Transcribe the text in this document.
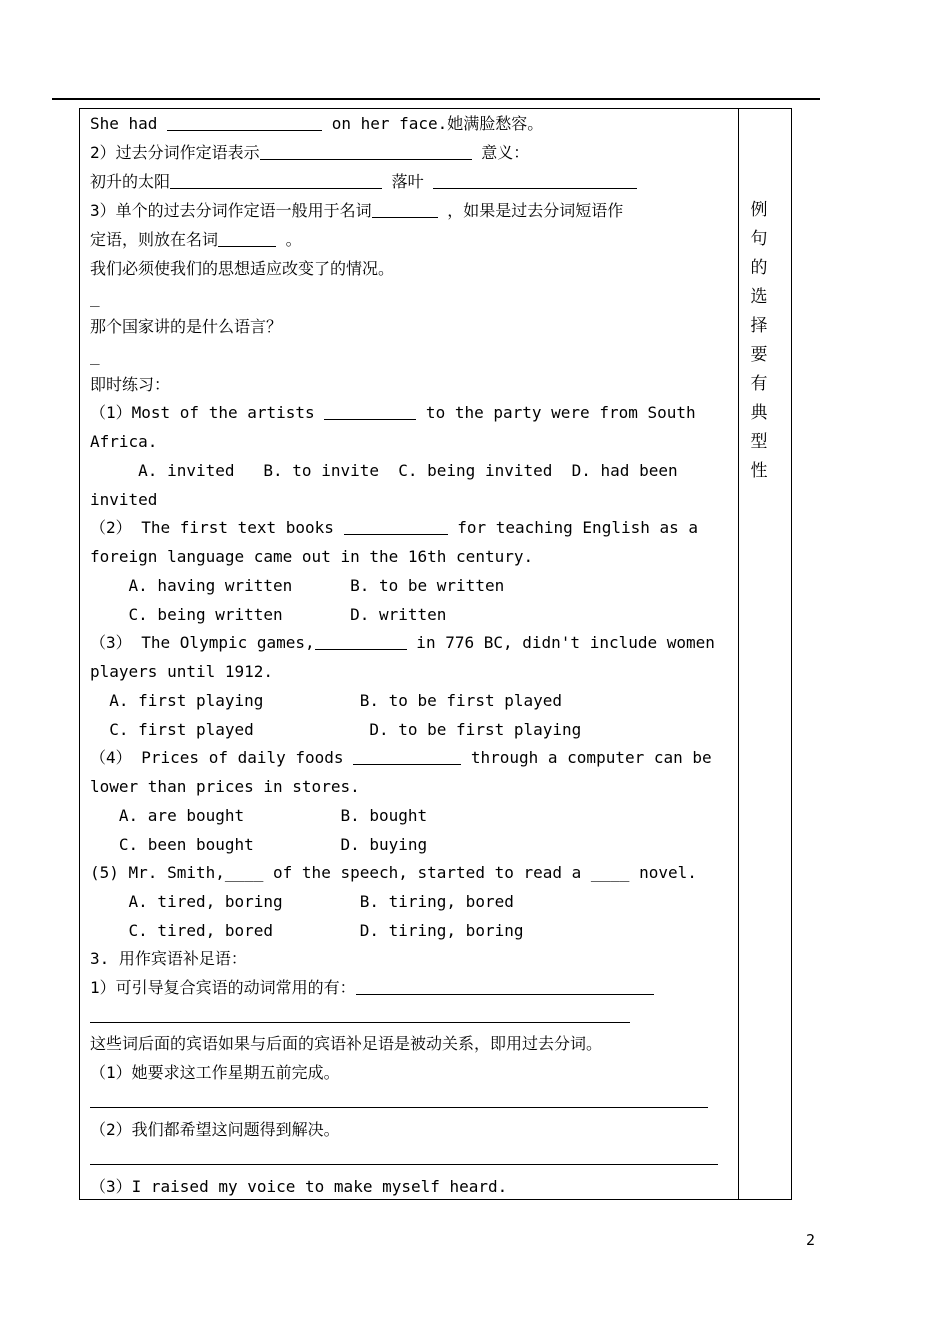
She had	on her face.她满脸愁容。
2）过去分词作定语表示	意义：
初升的太阳	落叶
3）单个的过去分词作定语一般用于名词	，如果是过去分词短语作
定语，则放在名词	。
我们必须使我们的思想适应改变了的情况。
_
那个国家讲的是什么语言？
_
即时练习：
（1）Most of the artists	to the party were from South
Africa.
A. invited   B. to invite  C. being invited  D. had been
invited
（2） The first text books	for teaching English as a
foreign language came out in the 16th century.
A. having written      B. to be written
C. being written       D. written
（3） The Olympic games,	in 776 BC, didn't include women
players until 1912.
A. first playing          B. to be first played
C. first played            D. to be first playing
（4） Prices of daily foods	through a computer can be
lower than prices in stores.
A. are bought          B. bought
C. been bought         D. buying
(5) Mr. Smith,____ of the speech, started to read a ____ novel.
A. tired, boring        B. tiring, bored
C. tired, bored         D. tiring, boring
3. 用作宾语补足语：
1）可引导复合宾语的动词常用的有：
这些词后面的宾语如果与后面的宾语补足语是被动关系，即用过去分词。
（1）她要求这工作星期五前完成。
（2）我们都希望这问题得到解决。
（3）I raised my voice to make myself heard.
例
句
的
选
择
要
有
典
型
性
2
